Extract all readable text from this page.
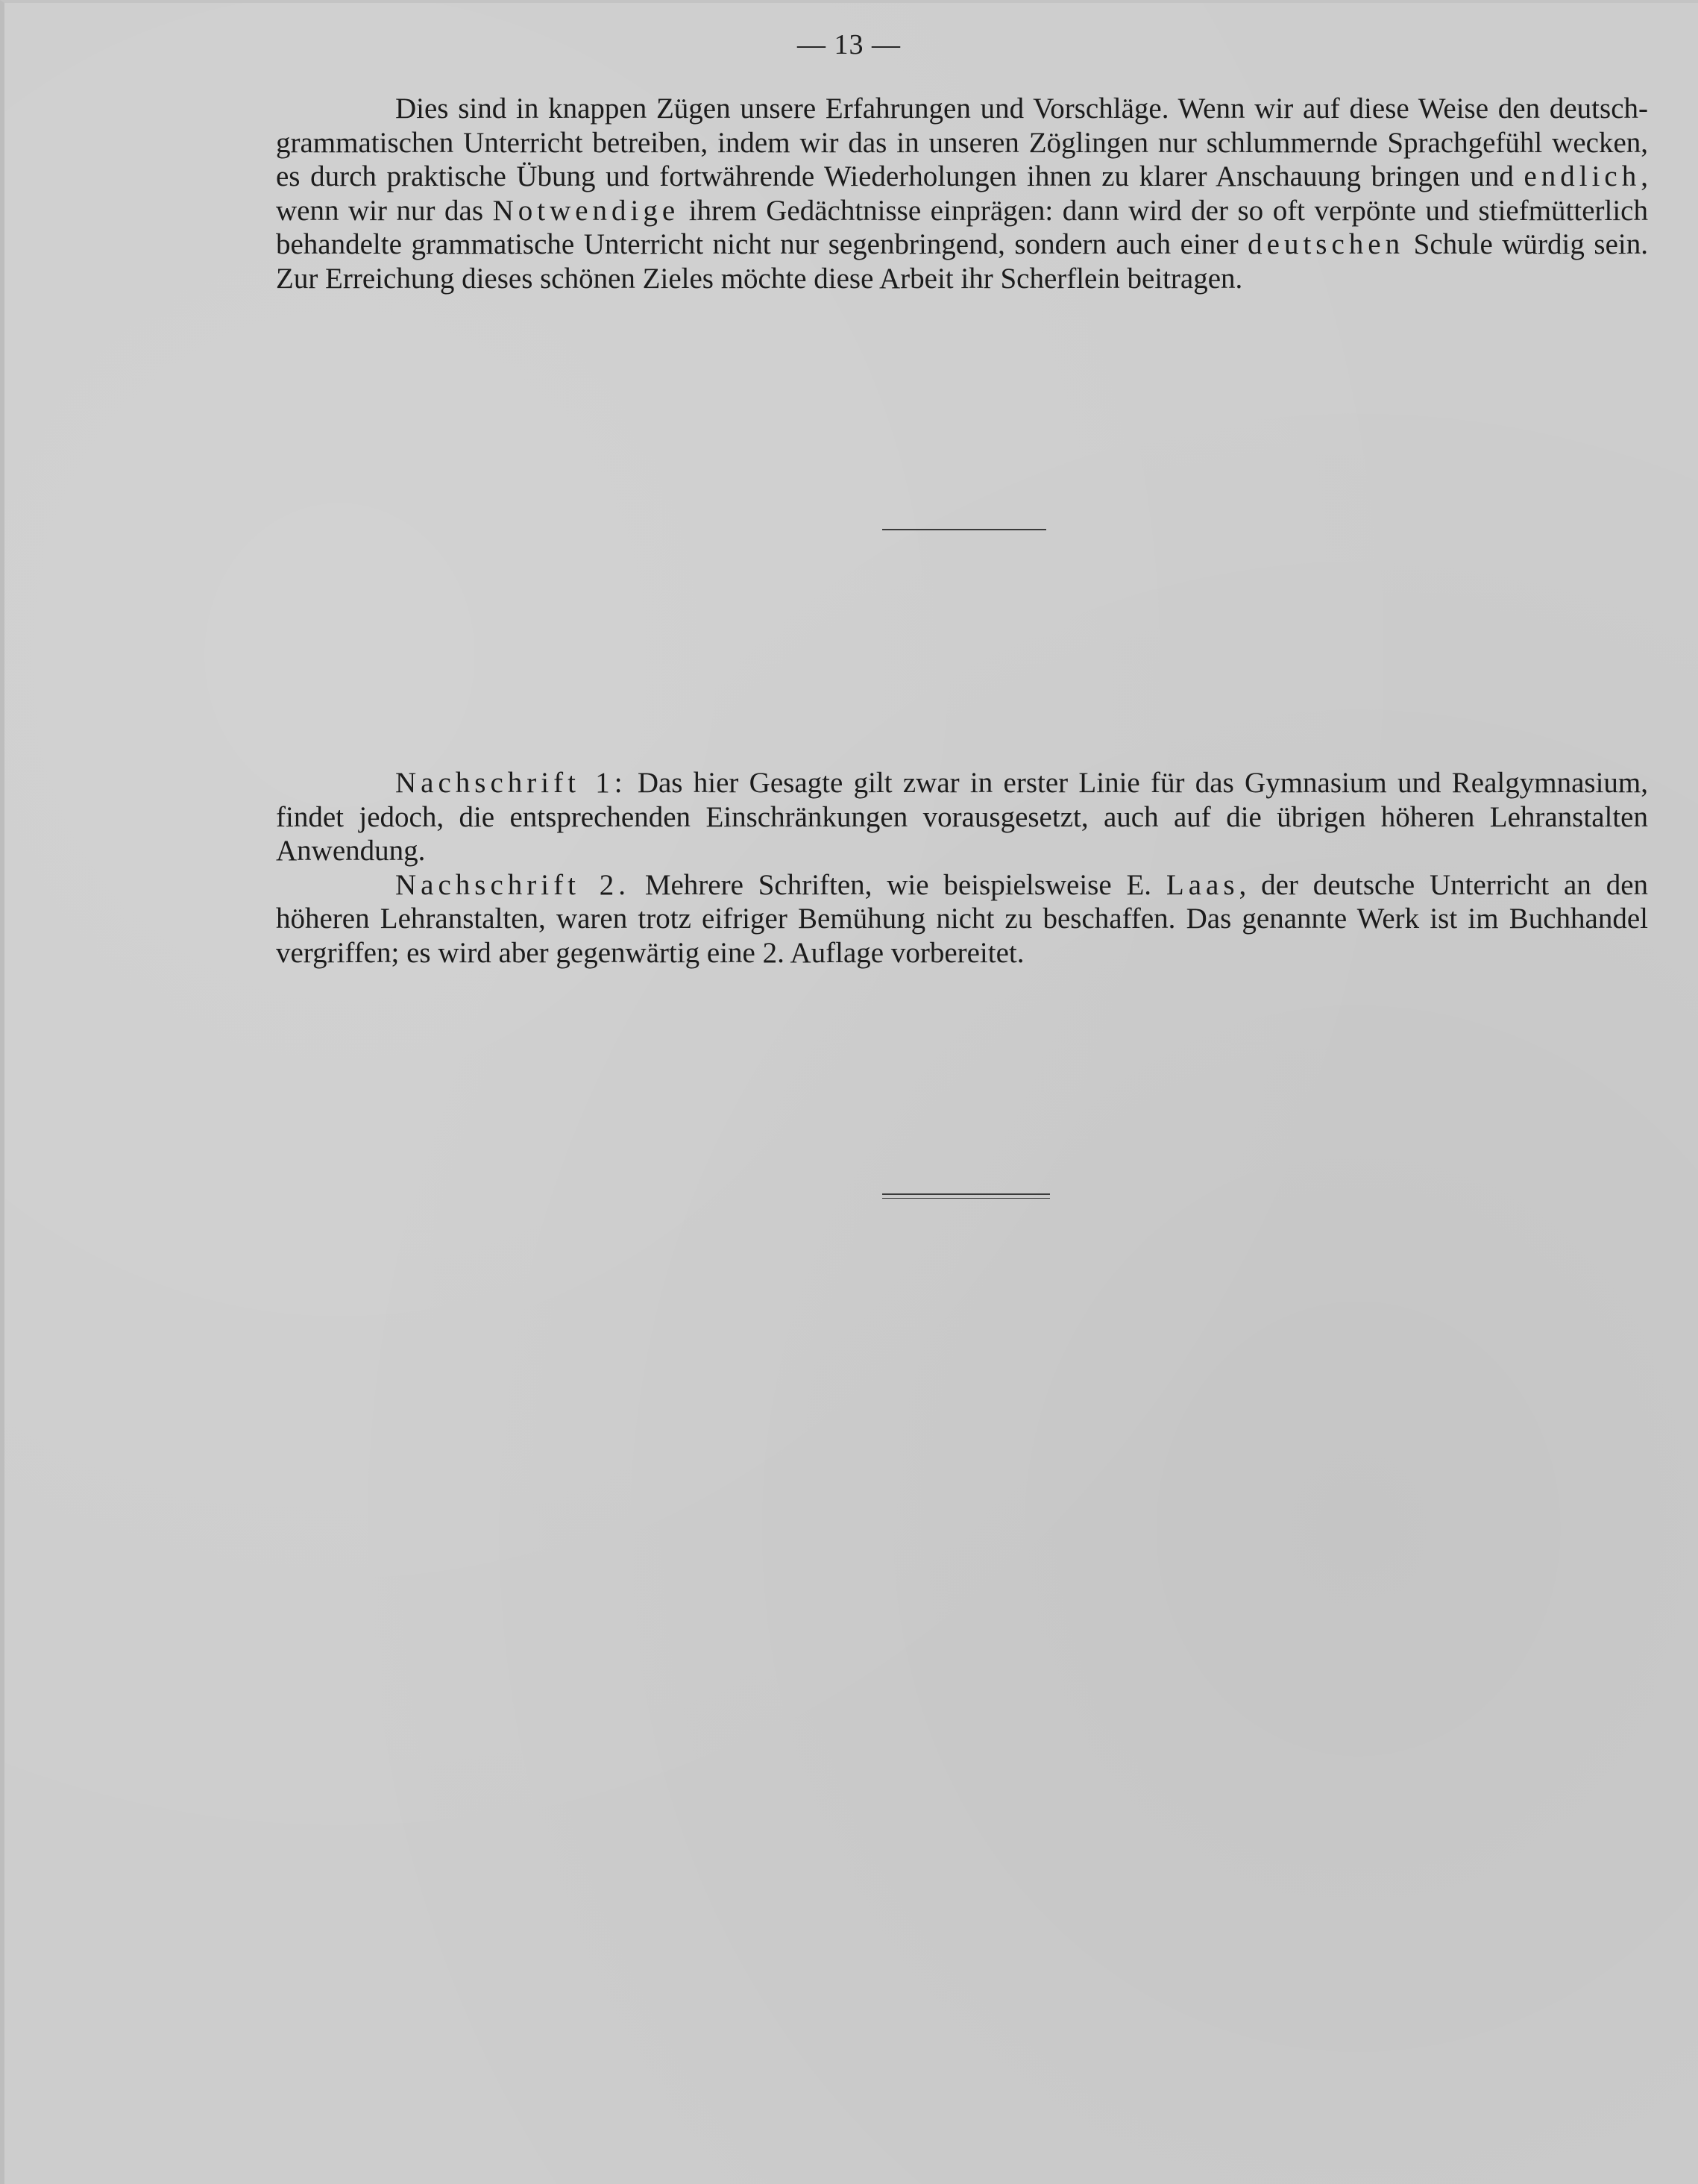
— 13 —

Dies sind in knappen Zügen unsere Erfahrungen und Vorschläge. Wenn wir auf diese Weise den deutsch-grammatischen Unterricht betreiben, indem wir das in unseren Zöglingen nur schlummernde Sprachgefühl wecken, es durch praktische Übung und fortwährende Wiederholungen ihnen zu klarer Anschauung bringen und endlich, wenn wir nur das Notwendige ihrem Gedächtnisse einprägen: dann wird der so oft verpönte und stiefmütterlich behandelte grammatische Unterricht nicht nur segenbringend, sondern auch einer deutschen Schule würdig sein. Zur Erreichung dieses schönen Zieles möchte diese Arbeit ihr Scherflein beitragen.

Nachschrift 1: Das hier Gesagte gilt zwar in erster Linie für das Gymnasium und Realgymnasium, findet jedoch, die entsprechenden Einschränkungen vorausgesetzt, auch auf die übrigen höheren Lehranstalten Anwendung.

Nachschrift 2. Mehrere Schriften, wie beispielsweise E. Laas, der deutsche Unterricht an den höheren Lehranstalten, waren trotz eifriger Bemühung nicht zu beschaffen. Das genannte Werk ist im Buchhandel vergriffen; es wird aber gegenwärtig eine 2. Auflage vorbereitet.
